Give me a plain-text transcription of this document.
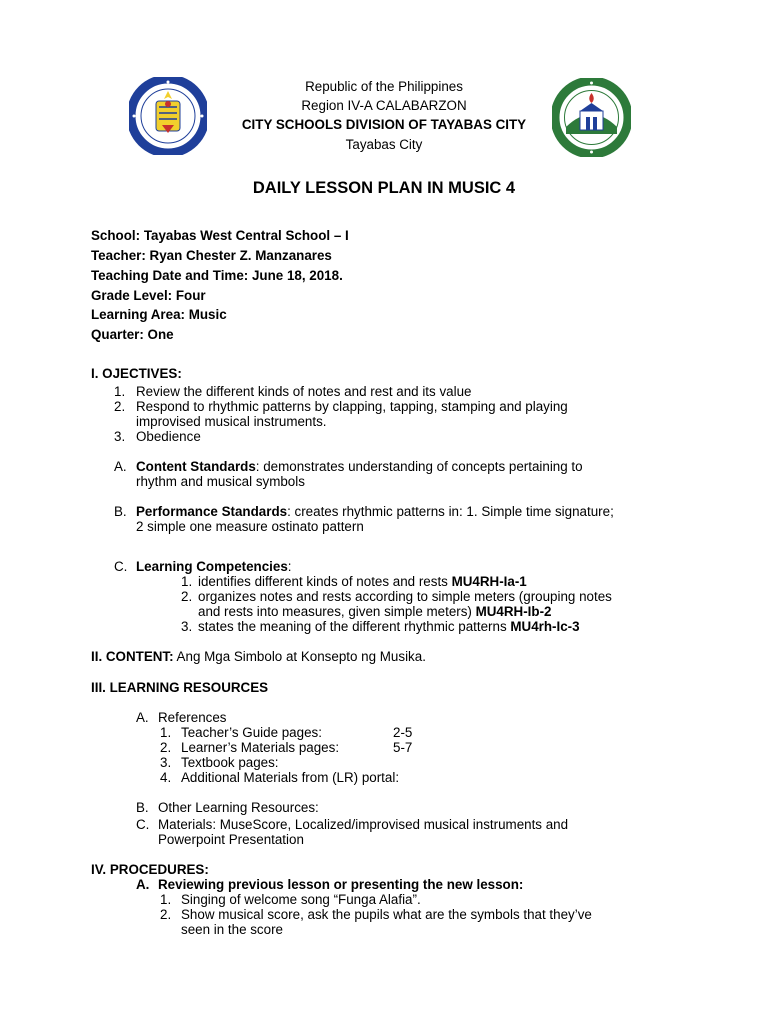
Republic of the Philippines
Region IV-A CALABARZON
CITY SCHOOLS DIVISION OF TAYABAS CITY
Tayabas City
DAILY LESSON PLAN IN MUSIC 4
School: Tayabas West Central School – I
Teacher: Ryan Chester Z. Manzanares
Teaching Date and Time: June 18, 2018.
Grade Level: Four
Learning Area: Music
Quarter: One
I. OJECTIVES:
1. Review the different kinds of notes and rest and its value
2. Respond to rhythmic patterns by clapping, tapping, stamping and playing
improvised musical instruments.
3. Obedience
A. Content Standards: demonstrates understanding of concepts pertaining to
rhythm and musical symbols
B. Performance Standards: creates rhythmic patterns in: 1. Simple time signature;
2 simple one measure ostinato pattern
C. Learning Competencies:
1. identifies different kinds of notes and rests MU4RH-Ia-1
2. organizes notes and rests according to simple meters (grouping notes
and rests into measures, given simple meters) MU4RH-Ib-2
3. states the meaning of the different rhythmic patterns MU4rh-Ic-3
II. CONTENT: Ang Mga Simbolo at Konsepto ng Musika.
III. LEARNING RESOURCES
A. References
1. Teacher’s Guide pages:	2-5
2. Learner’s Materials pages:	5-7
3. Textbook pages:
4. Additional Materials from (LR) portal:
B. Other Learning Resources:
C. Materials: MuseScore, Localized/improvised musical instruments and
Powerpoint Presentation
IV. PROCEDURES:
A. Reviewing previous lesson or presenting the new lesson:
1. Singing of welcome song “Funga Alafia”.
2. Show musical score, ask the pupils what are the symbols that they’ve
seen in the score
